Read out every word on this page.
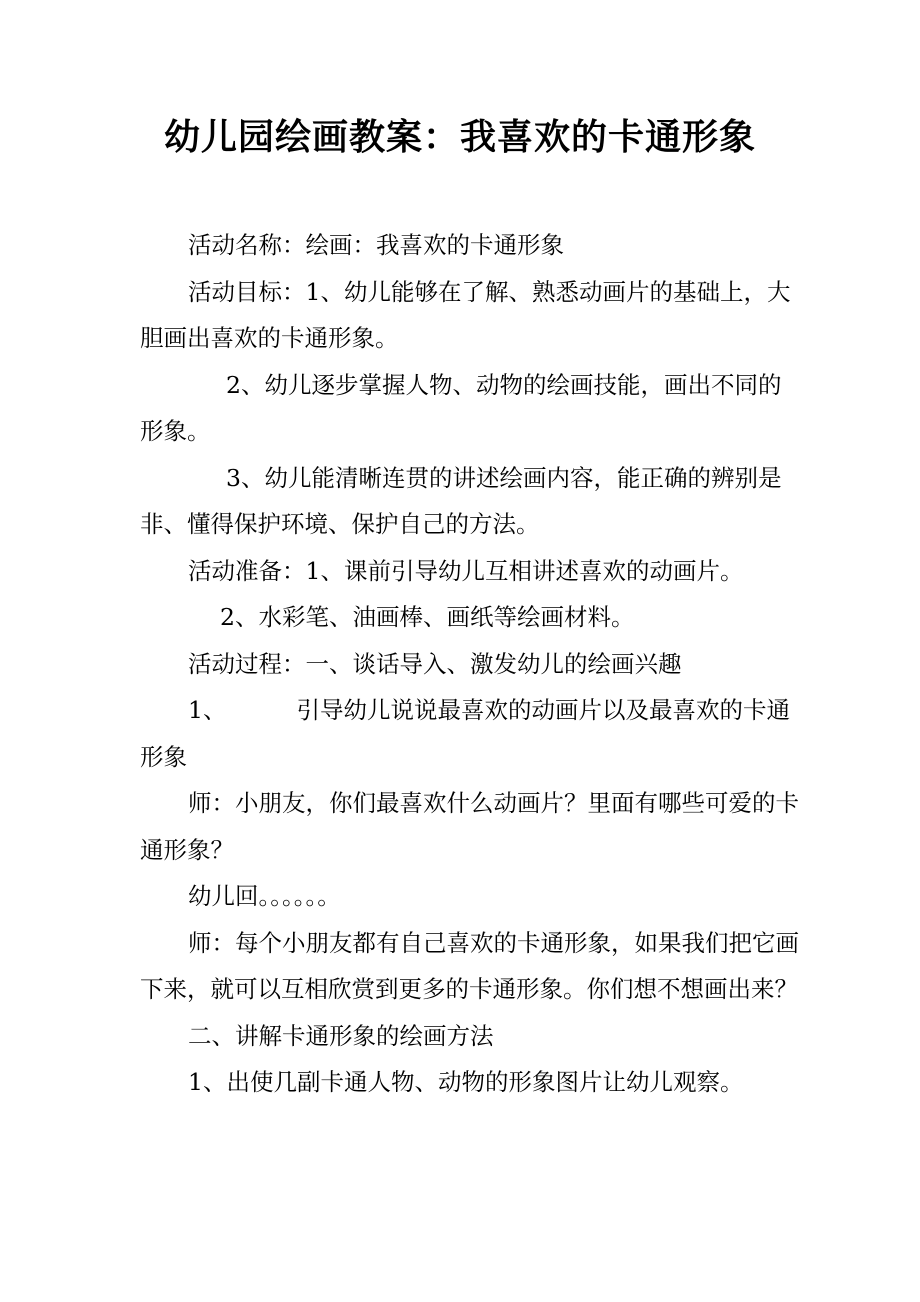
幼儿园绘画教案：我喜欢的卡通形象

活动名称：绘画：我喜欢的卡通形象

活动目标：1、幼儿能够在了解、熟悉动画片的基础上，大胆画出喜欢的卡通形象。

2、幼儿逐步掌握人物、动物的绘画技能，画出不同的形象。

3、幼儿能清晰连贯的讲述绘画内容，能正确的辨别是非、懂得保护环境、保护自己的方法。

活动准备：1、课前引导幼儿互相讲述喜欢的动画片。

2、水彩笔、油画棒、画纸等绘画材料。

活动过程：一、谈话导入、激发幼儿的绘画兴趣

1、	引导幼儿说说最喜欢的动画片以及最喜欢的卡通形象

师：小朋友，你们最喜欢什么动画片？里面有哪些可爱的卡通形象？

幼儿回。。。。。。

师：每个小朋友都有自己喜欢的卡通形象，如果我们把它画下来，就可以互相欣赏到更多的卡通形象。你们想不想画出来？

二、讲解卡通形象的绘画方法

1、出使几副卡通人物、动物的形象图片让幼儿观察。
